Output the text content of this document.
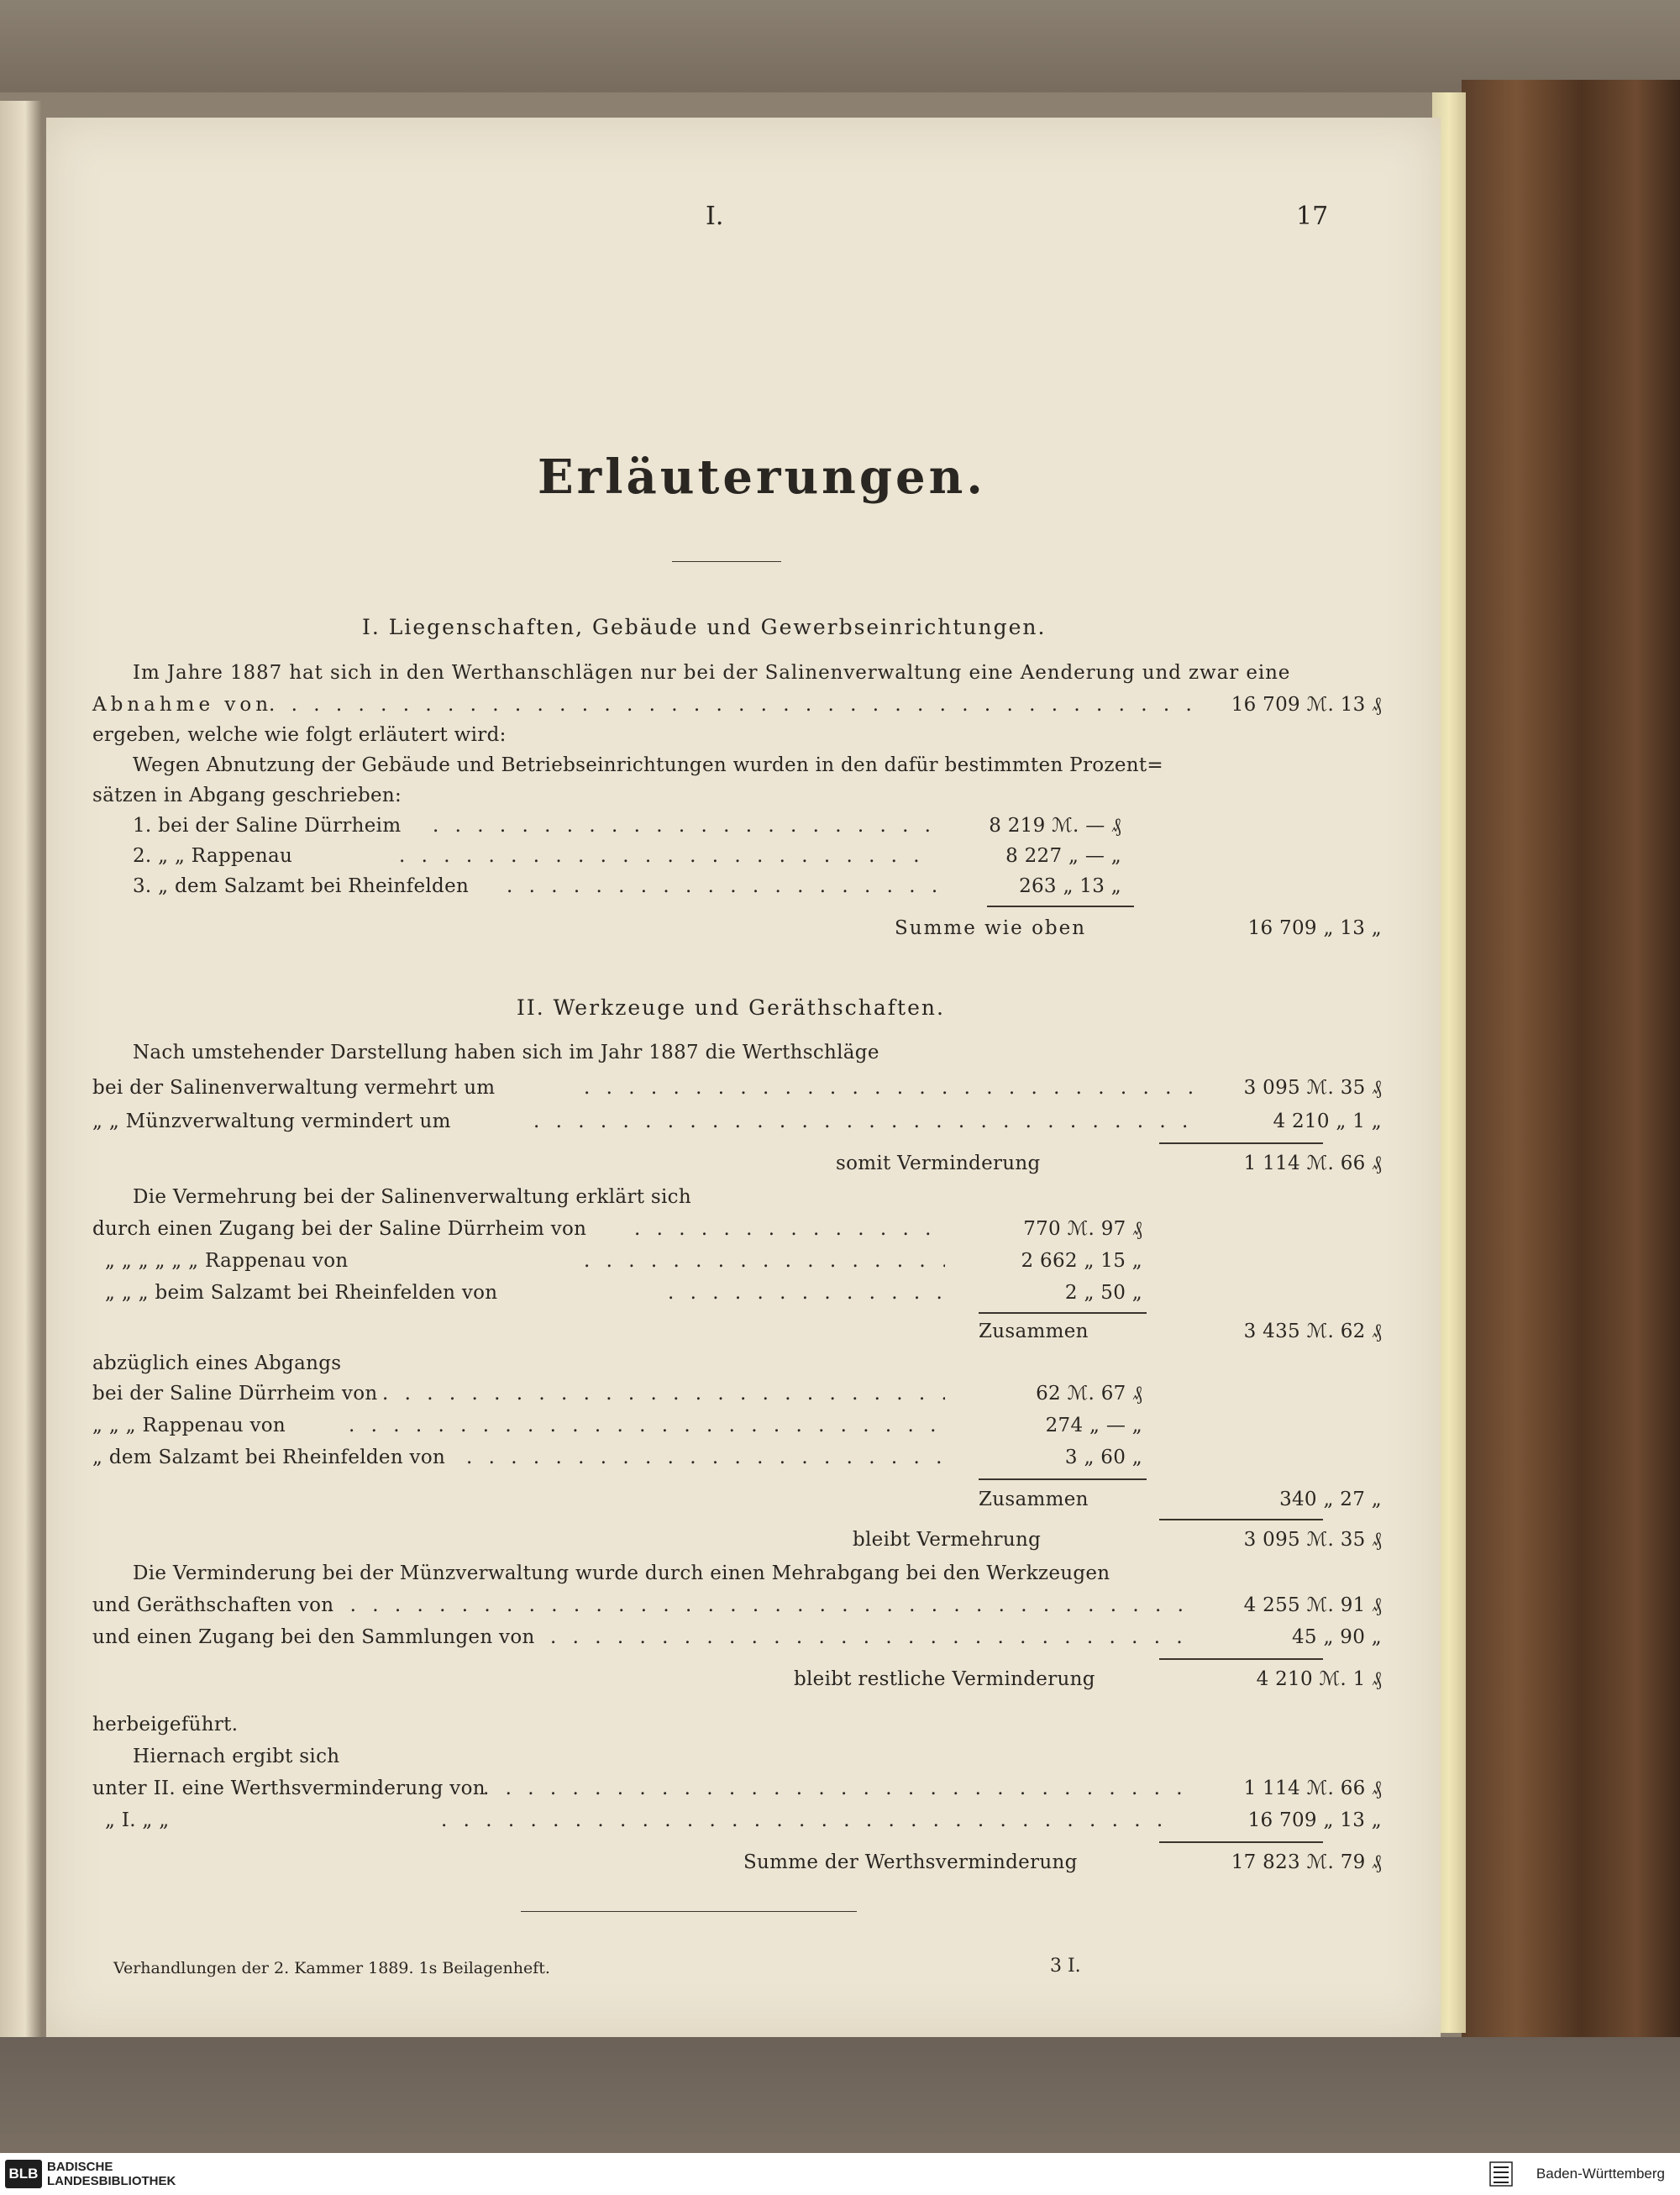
I.	17
Erläuterungen.
I. Liegenschaften, Gebäude und Gewerbseinrichtungen.
Im Jahre 1887 hat sich in den Werthanschlägen nur bei der Salinenverwaltung eine Aenderung und zwar eine
Abnahme von . . .	16 709 ℳ. 13 ₰
ergeben, welche wie folgt erläutert wird:
Wegen Abnutzung der Gebäude und Betriebseinrichtungen wurden in den dafür bestimmten Prozent=
sätzen in Abgang geschrieben:
1. bei der Saline Dürrheim . . .	8 219 ℳ. — ₰
2. „ „ Rappenau . . .	8 227 „ — „
3. „ dem Salzamt bei Rheinfelden . . .	263 „ 13 „
Summe wie oben	16 709 „ 13 „
II. Werkzeuge und Geräthschaften.
Nach umstehender Darstellung haben sich im Jahr 1887 die Werthschläge
bei der Salinenverwaltung vermehrt um . . .	3 095 ℳ. 35 ₰
„ „ Münzverwaltung vermindert um . . .	4 210 „ 1 „
somit Verminderung	1 114 ℳ. 66 ₰
Die Vermehrung bei der Salinenverwaltung erklärt sich
durch einen Zugang bei der Saline Dürrheim von . . .	770 ℳ. 97 ₰
„ „ „ „ „ „ Rappenau von . . .	2 662 „ 15 „
„ „ „ beim Salzamt bei Rheinfelden von . . .	2 „ 50 „
Zusammen	3 435 ℳ. 62 ₰
abzüglich eines Abgangs
bei der Saline Dürrheim von . . .	62 ℳ. 67 ₰
„ „ „ Rappenau von . . .	274 „ — „
„ dem Salzamt bei Rheinfelden von . . .	3 „ 60 „
Zusammen	340 „ 27 „
bleibt Vermehrung	3 095 ℳ. 35 ₰
Die Verminderung bei der Münzverwaltung wurde durch einen Mehrabgang bei den Werkzeugen
und Geräthschaften von . . .	4 255 ℳ. 91 ₰
und einen Zugang bei den Sammlungen von . . .	45 „ 90 „
bleibt restliche Verminderung	4 210 ℳ. 1 ₰
herbeigeführt.
Hiernach ergibt sich
unter II. eine Werthsverminderung von . . .	1 114 ℳ. 66 ₰
„ I. „ „ . . .	16 709 „ 13 „
Summe der Werthsverminderung	17 823 ℳ. 79 ₰
Verhandlungen der 2. Kammer 1889. 1s Beilagenheft.	3 I.
BLB BADISCHE
LANDESBIBLIOTHEK	Baden-Württemberg
